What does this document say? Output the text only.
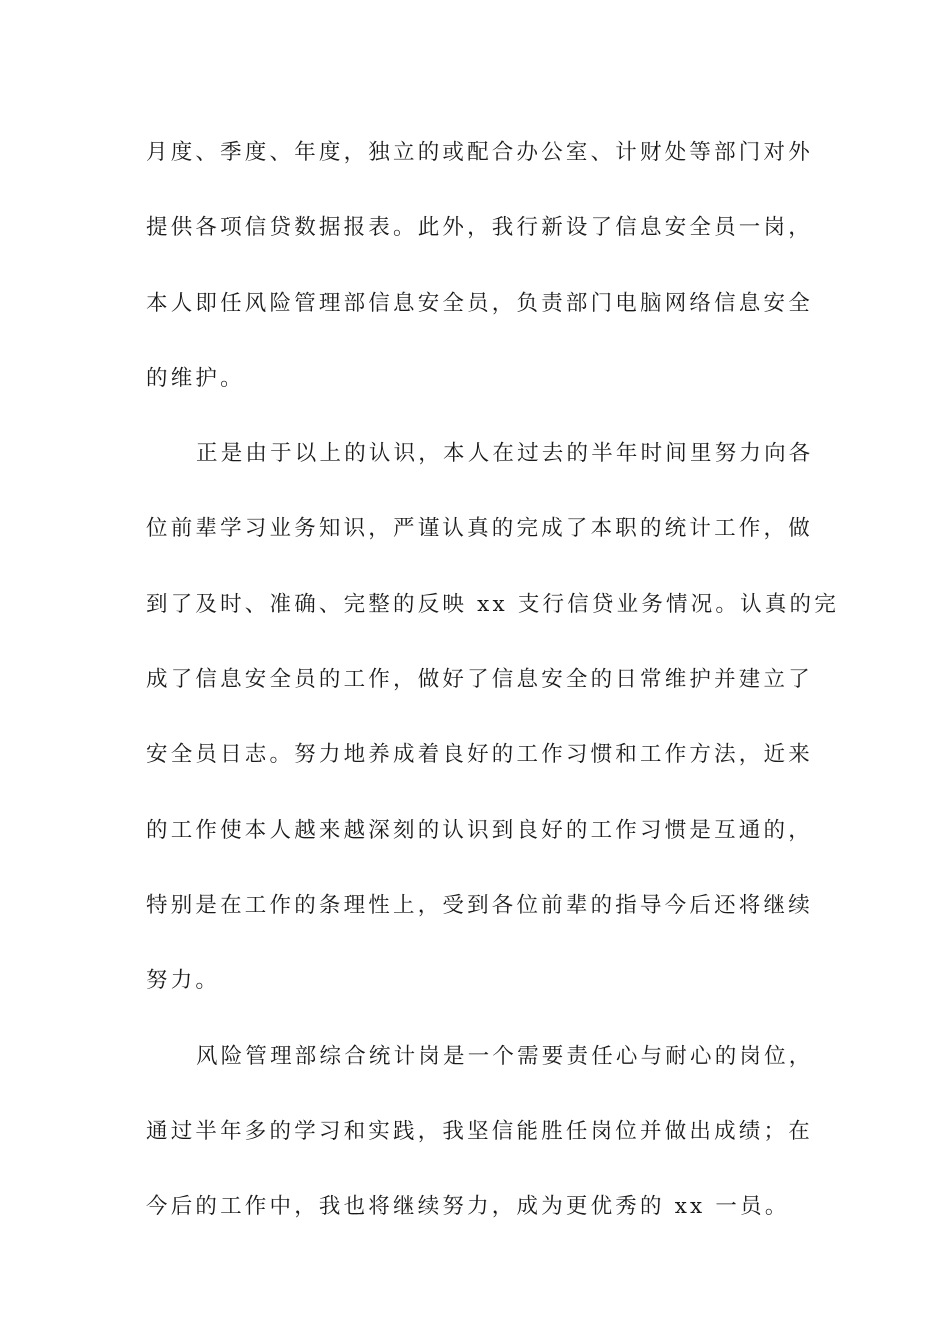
月度、季度、年度，独立的或配合办公室、计财处等部门对外
提供各项信贷数据报表。此外，我行新设了信息安全员一岗，
本人即任风险管理部信息安全员，负责部门电脑网络信息安全
的维护。
正是由于以上的认识，本人在过去的半年时间里努力向各
位前辈学习业务知识，严谨认真的完成了本职的统计工作，做
到了及时、准确、完整的反映 xx 支行信贷业务情况。认真的完
成了信息安全员的工作，做好了信息安全的日常维护并建立了
安全员日志。努力地养成着良好的工作习惯和工作方法，近来
的工作使本人越来越深刻的认识到良好的工作习惯是互通的，
特别是在工作的条理性上，受到各位前辈的指导今后还将继续
努力。
风险管理部综合统计岗是一个需要责任心与耐心的岗位，
通过半年多的学习和实践，我坚信能胜任岗位并做出成绩；在
今后的工作中，我也将继续努力，成为更优秀的 xx 一员。
